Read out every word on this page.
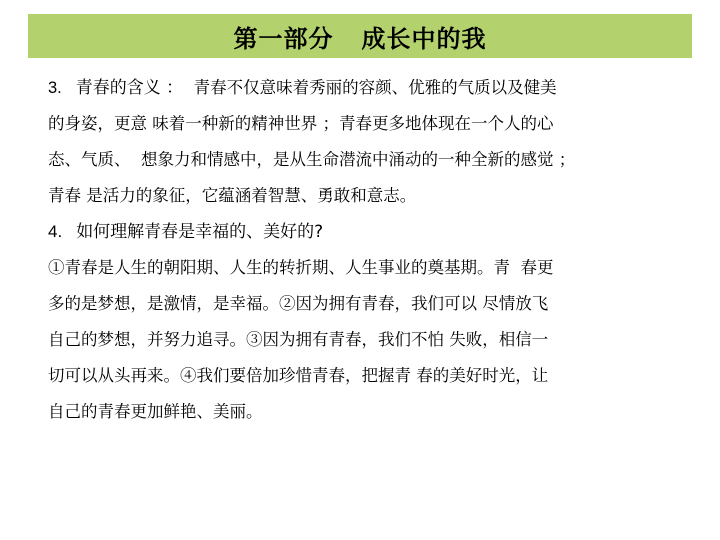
第一部分   成长中的我
3. 青春的含义 ：  青春不仅意味着秀丽的容颜、优雅的气质以及健美
的身姿，更意 味着一种新的精神世界 ；青春更多地体现在一个人的心
态、气质、  想象力和情感中，是从生命潜流中涌动的一种全新的感觉 ；
青春 是活力的象征，它蕴涵着智慧、勇敢和意志。
4. 如何理解青春是幸福的、美好的?
①青春是人生的朝阳期、人生的转折期、人生事业的奠基期。青  春更
多的是梦想，是激情，是幸福。②因为拥有青春，我们可以 尽情放飞
自己的梦想，并努力追寻。③因为拥有青春，我们不怕 失败，相信一
切可以从头再来。④我们要倍加珍惜青春，把握青 春的美好时光，让
自己的青春更加鲜艳、美丽。
